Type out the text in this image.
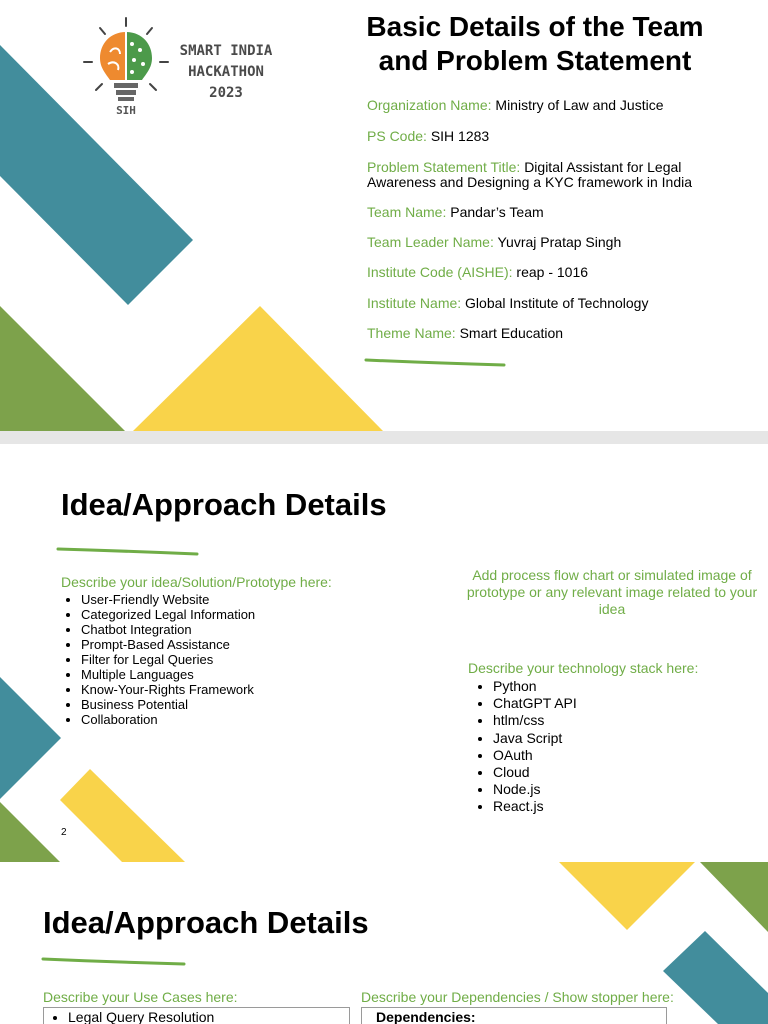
SIH
SMART INDIA
HACKATHON
2023
Basic Details of the Team and Problem Statement
Organization Name: Ministry of Law and Justice
PS Code: SIH 1283
Problem Statement Title: Digital Assistant for Legal Awareness and Designing a KYC framework in India
Team Name: Pandar’s Team
Team Leader Name: Yuvraj Pratap Singh
Institute Code (AISHE): reap - 1016
Institute Name: Global Institute of Technology
Theme Name: Smart Education
Idea/Approach Details
Describe your idea/Solution/Prototype here:
• User-Friendly Website
• Categorized Legal Information
• Chatbot Integration
• Prompt-Based Assistance
• Filter for Legal Queries
• Multiple Languages
• Know-Your-Rights Framework
• Business Potential
• Collaboration
Add process flow chart or simulated image of prototype or any relevant image related to your idea
Describe your technology stack here:
• Python
• ChatGPT API
• htlm/css
• Java Script
• OAuth
• Cloud
• Node.js
• React.js
2
Idea/Approach Details
Describe your Use Cases here:
• Legal Query Resolution
Describe your Dependencies / Show stopper here:
Dependencies:
